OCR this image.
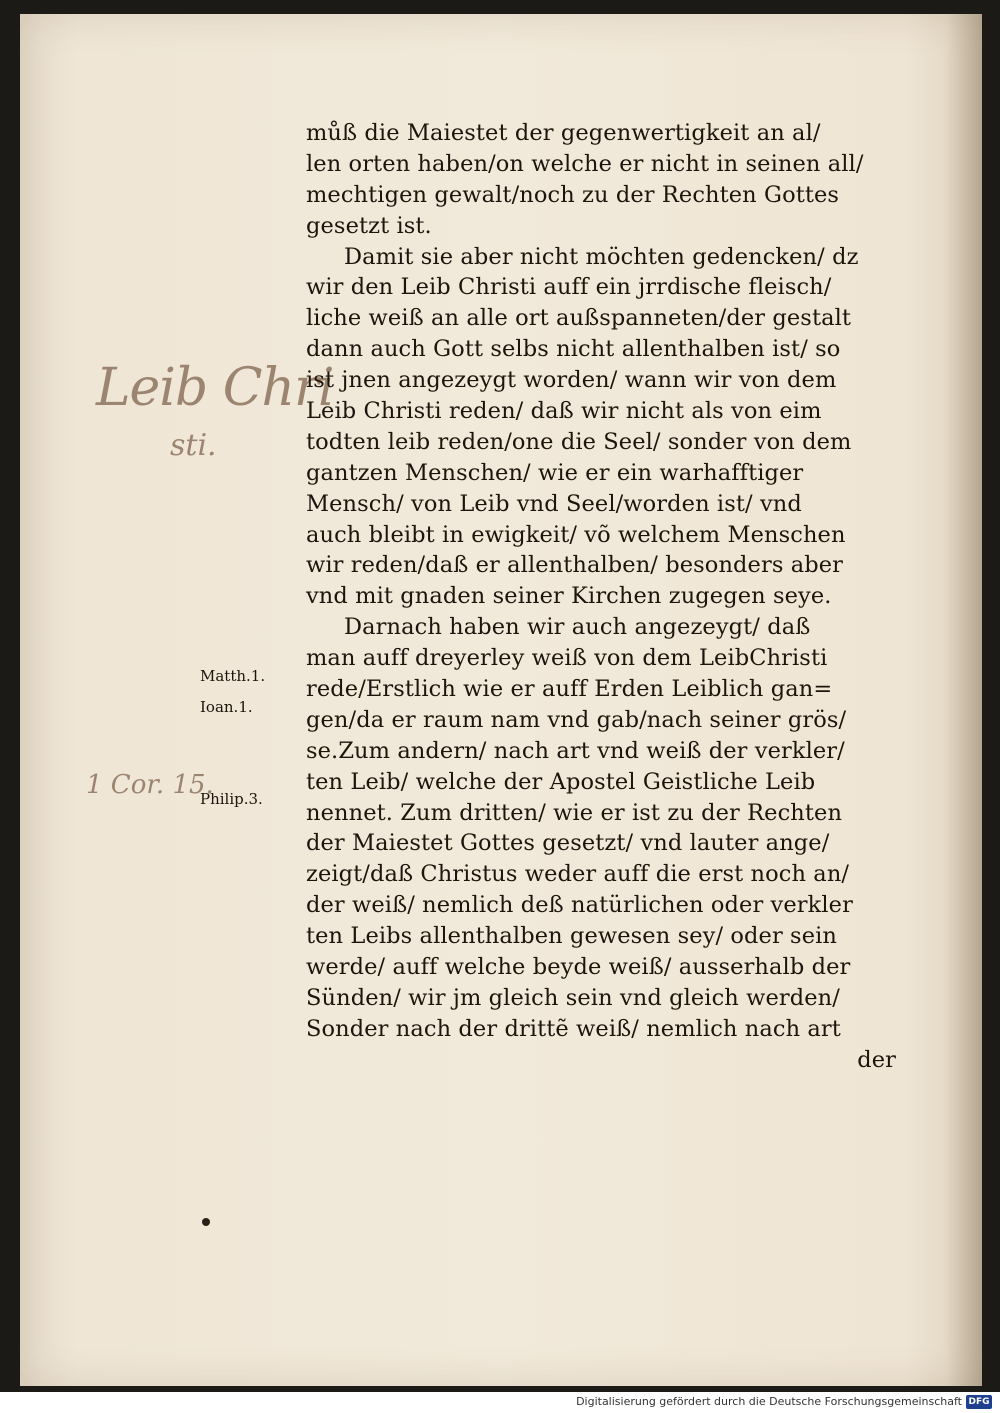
Leib Chri
sti.
1 Cor. 15.
Matth.1.
Ioan.1.
Philip.3.
můß die Maiestet der gegenwertigkeit an al/
len orten haben/on welche er nicht in seinen all/
mechtigen gewalt/noch zu der Rechten Gottes
gesetzt ist.
Damit sie aber nicht möchten gedencken/ dz
wir den Leib Christi auff ein jrrdische fleisch/
liche weiß an alle ort außspanneten/der gestalt
dann auch Gott selbs nicht allenthalben ist/ so
ist jnen angezeygt worden/ wann wir von dem
Leib Christi reden/ daß wir nicht als von eim
todten leib reden/one die Seel/ sonder von dem
gantzen Menschen/ wie er ein warhafftiger
Mensch/ von Leib vnd Seel/worden ist/ vnd
auch bleibt in ewigkeit/ võ welchem Menschen
wir reden/daß er allenthalben/ besonders aber
vnd mit gnaden seiner Kirchen zugegen seye.
Darnach haben wir auch angezeygt/ daß
man auff dreyerley weiß von dem LeibChristi
rede/Erstlich wie er auff Erden Leiblich gan=
gen/da er raum nam vnd gab/nach seiner grös/
se.Zum andern/ nach art vnd weiß der verkler/
ten Leib/ welche der Apostel Geistliche Leib
nennet. Zum dritten/ wie er ist zu der Rechten
der Maiestet Gottes gesetzt/ vnd lauter ange/
zeigt/daß Christus weder auff die erst noch an/
der weiß/ nemlich deß natürlichen oder verkler
ten Leibs allenthalben gewesen sey/ oder sein
werde/ auff welche beyde weiß/ ausserhalb der
Sünden/ wir jm gleich sein vnd gleich werden/
Sonder nach der drittẽ weiß/ nemlich nach art
der
Digitalisierung gefördert durch die Deutsche Forschungsgemeinschaft DFG
